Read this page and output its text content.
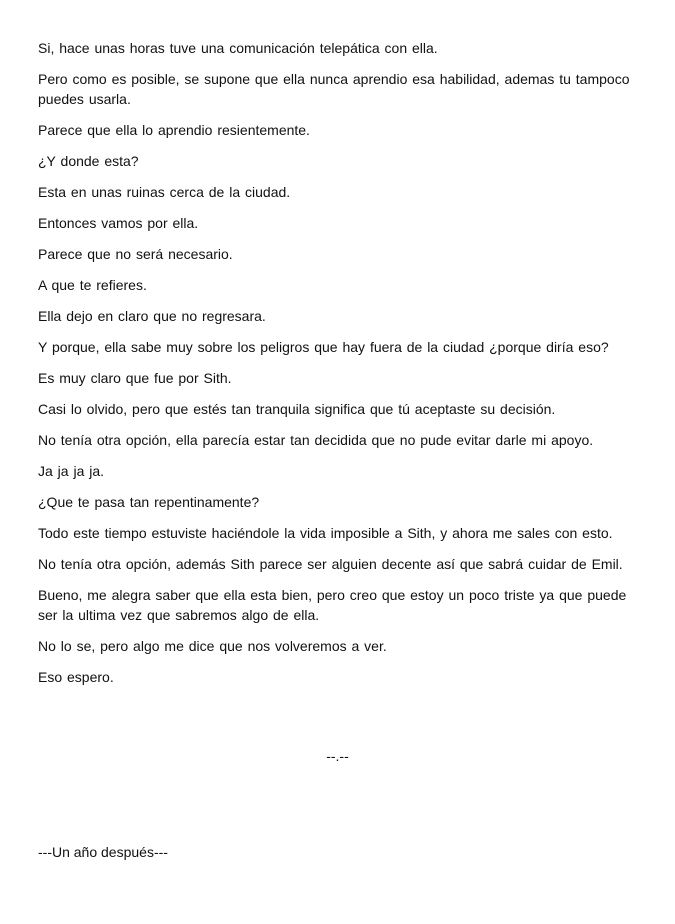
Si, hace unas horas tuve una comunicación telepática con ella.

Pero como es posible, se supone que ella nunca aprendio esa habilidad, ademas tu tampoco puedes usarla.

Parece que ella lo aprendio resientemente.

¿Y donde esta?

Esta en unas ruinas cerca de la ciudad.

Entonces vamos por ella.

Parece que no será necesario.

A que te refieres.

Ella dejo en claro que no regresara.

Y porque, ella sabe muy sobre los peligros que hay fuera de la ciudad ¿porque diría eso?

Es muy claro que fue por Sith.

Casi lo olvido, pero que estés tan tranquila significa que tú aceptaste su decisión.

No tenía otra opción, ella parecía estar tan decidida que no pude evitar darle mi apoyo.

Ja ja ja ja.

¿Que te pasa tan repentinamente?

Todo este tiempo estuviste haciéndole la vida imposible a Sith, y ahora me sales con esto.

No tenía otra opción, además Sith parece ser alguien decente así que sabrá cuidar de Emil.

Bueno, me alegra saber que ella esta bien, pero creo que estoy un poco triste ya que puede ser la ultima vez que sabremos algo de ella.

No lo se, pero algo me dice que nos volveremos a ver.

Eso espero.

--.--
---Un año después---
